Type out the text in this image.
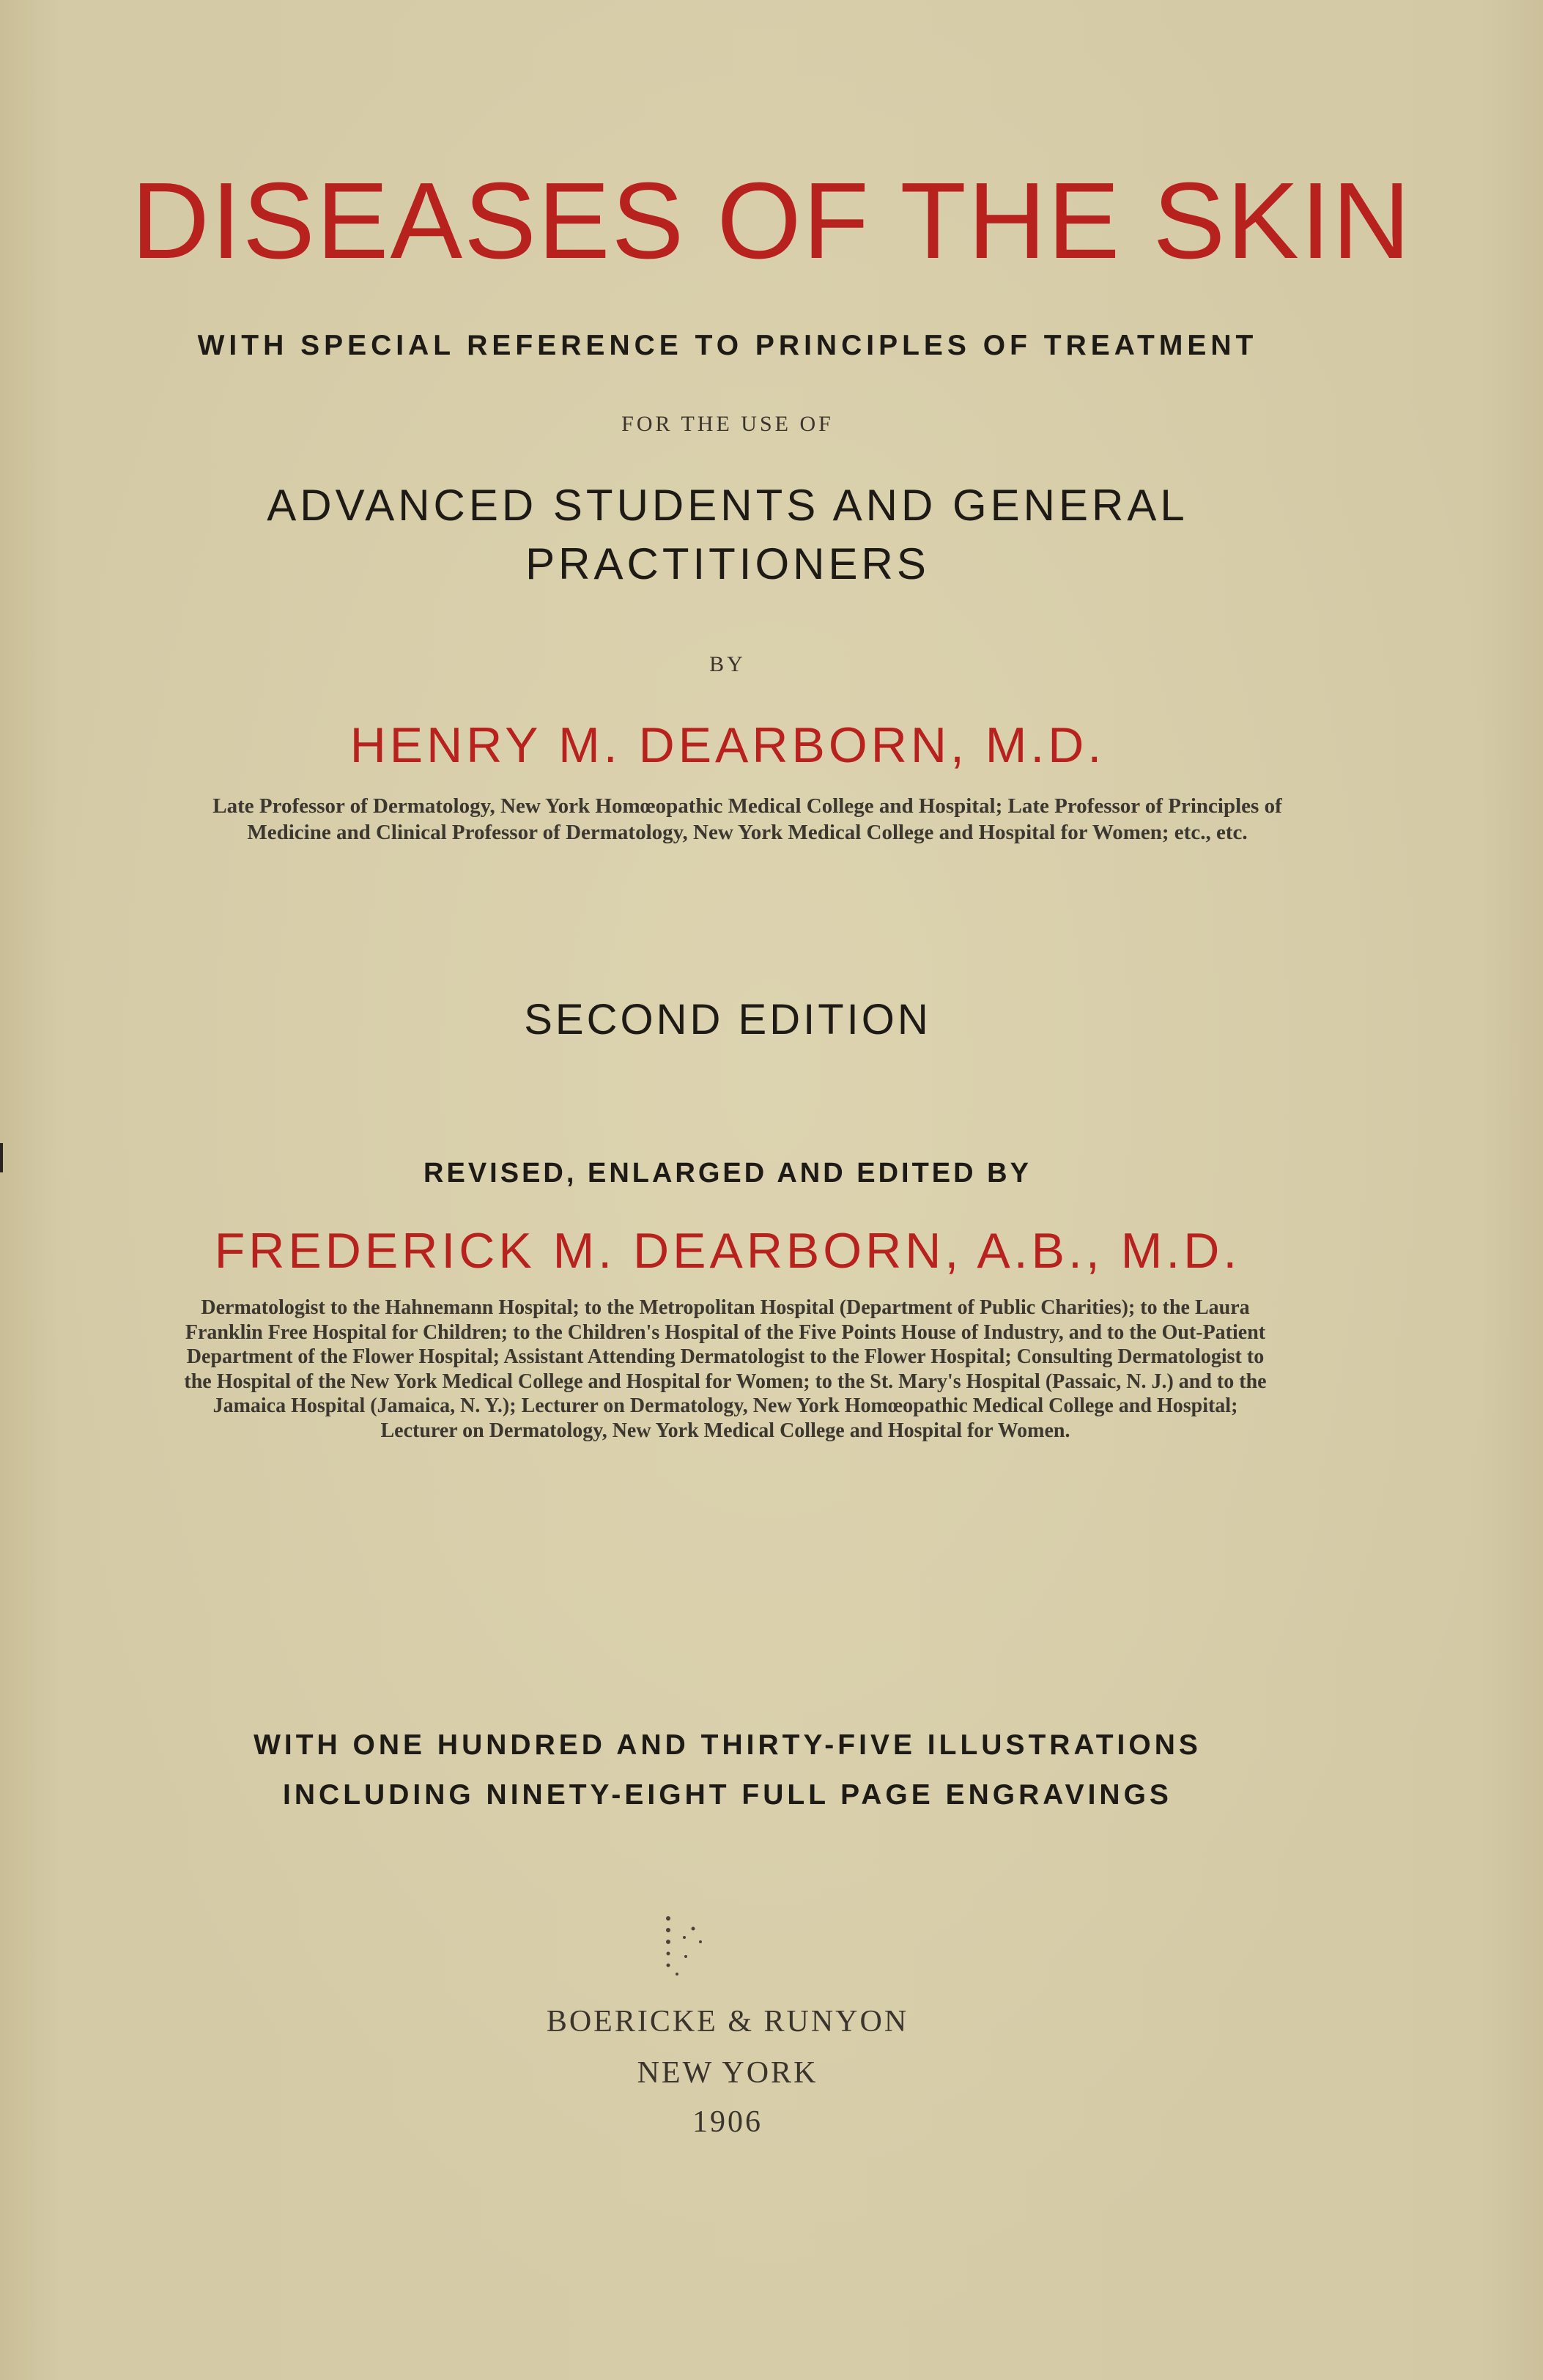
DISEASES OF THE SKIN
WITH SPECIAL REFERENCE TO PRINCIPLES OF TREATMENT
FOR THE USE OF
ADVANCED STUDENTS AND GENERAL
PRACTITIONERS
BY
HENRY M. DEARBORN, M.D.
Late Professor of Dermatology, New York Homœopathic Medical College and Hospital; Late Professor of Principles of Medicine and Clinical Professor of Dermatology, New York Medical College and Hospital for Women; etc., etc.
SECOND EDITION
REVISED, ENLARGED AND EDITED BY
FREDERICK M. DEARBORN, A.B., M.D.
Dermatologist to the Hahnemann Hospital; to the Metropolitan Hospital (Department of Public Charities); to the Laura Franklin Free Hospital for Children; to the Children's Hospital of the Five Points House of Industry, and to the Out-Patient Department of the Flower Hospital; Assistant Attending Dermatologist to the Flower Hospital; Consulting Dermatologist to the Hospital of the New York Medical College and Hospital for Women; to the St. Mary's Hospital (Passaic, N. J.) and to the Jamaica Hospital (Jamaica, N. Y.); Lecturer on Dermatology, New York Homœopathic Medical College and Hospital; Lecturer on Dermatology, New York Medical College and Hospital for Women.
WITH ONE HUNDRED AND THIRTY-FIVE ILLUSTRATIONS
INCLUDING NINETY-EIGHT FULL PAGE ENGRAVINGS
BOERICKE & RUNYON
NEW YORK
1906
